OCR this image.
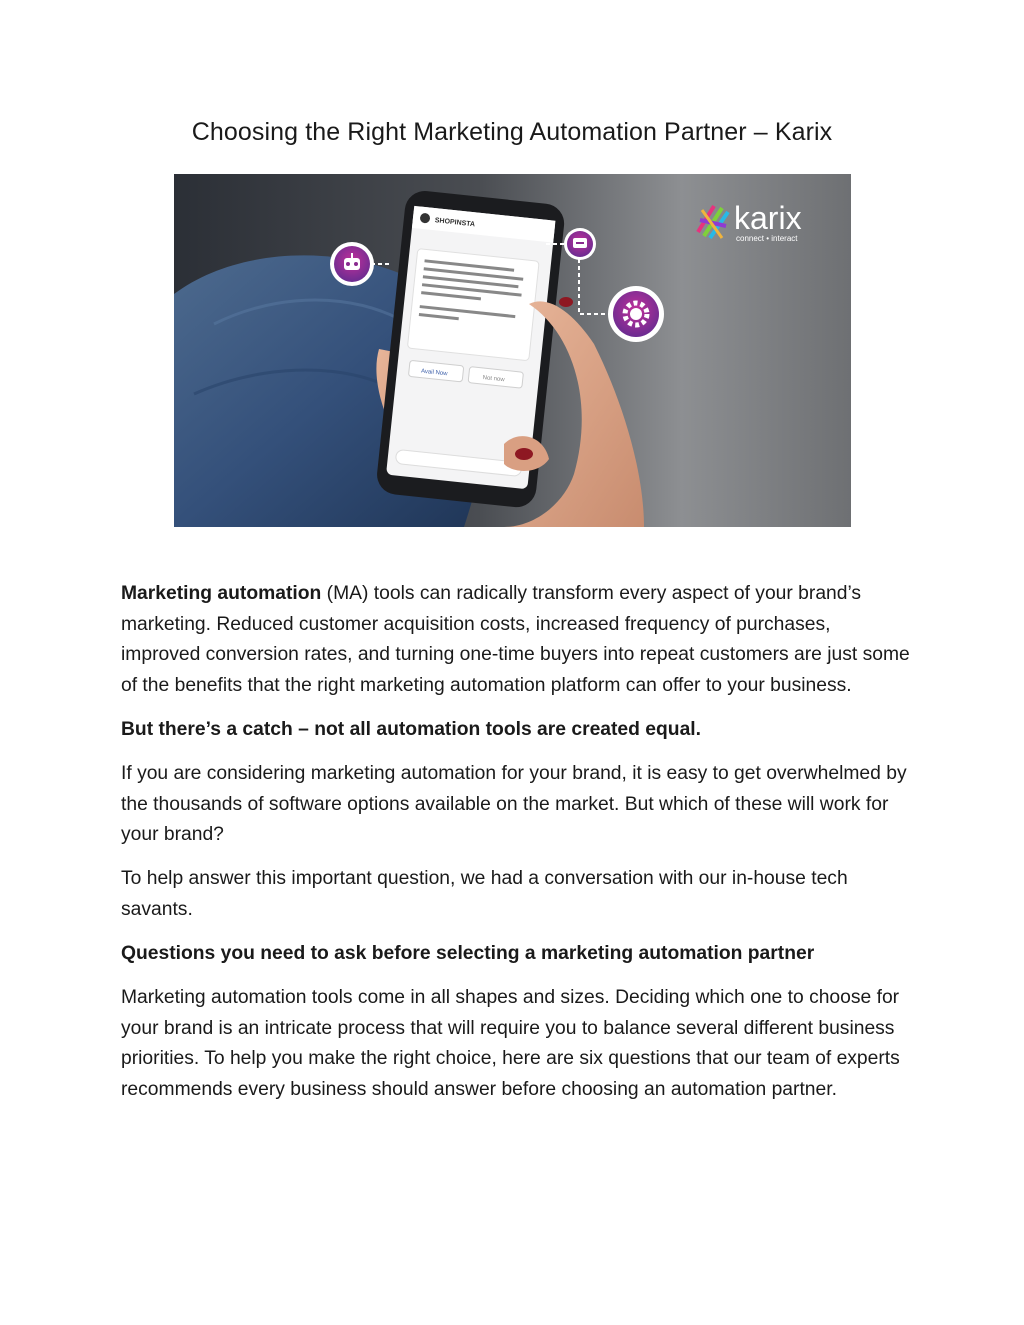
Choosing the Right Marketing Automation Partner – Karix
SHOPINSTA
Avail Now
Not now
karix
connect • interact

Marketing automation (MA) tools can radically transform every aspect of your brand’s marketing. Reduced customer acquisition costs, increased frequency of purchases, improved conversion rates, and turning one-time buyers into repeat customers are just some of the benefits that the right marketing automation platform can offer to your business.

But there’s a catch – not all automation tools are created equal.

If you are considering marketing automation for your brand, it is easy to get overwhelmed by the thousands of software options available on the market. But which of these will work for your brand?

To help answer this important question, we had a conversation with our in-house tech savants.

Questions you need to ask before selecting a marketing automation partner

Marketing automation tools come in all shapes and sizes. Deciding which one to choose for your brand is an intricate process that will require you to balance several different business priorities. To help you make the right choice, here are six questions that our team of experts recommends every business should answer before choosing an automation partner.
